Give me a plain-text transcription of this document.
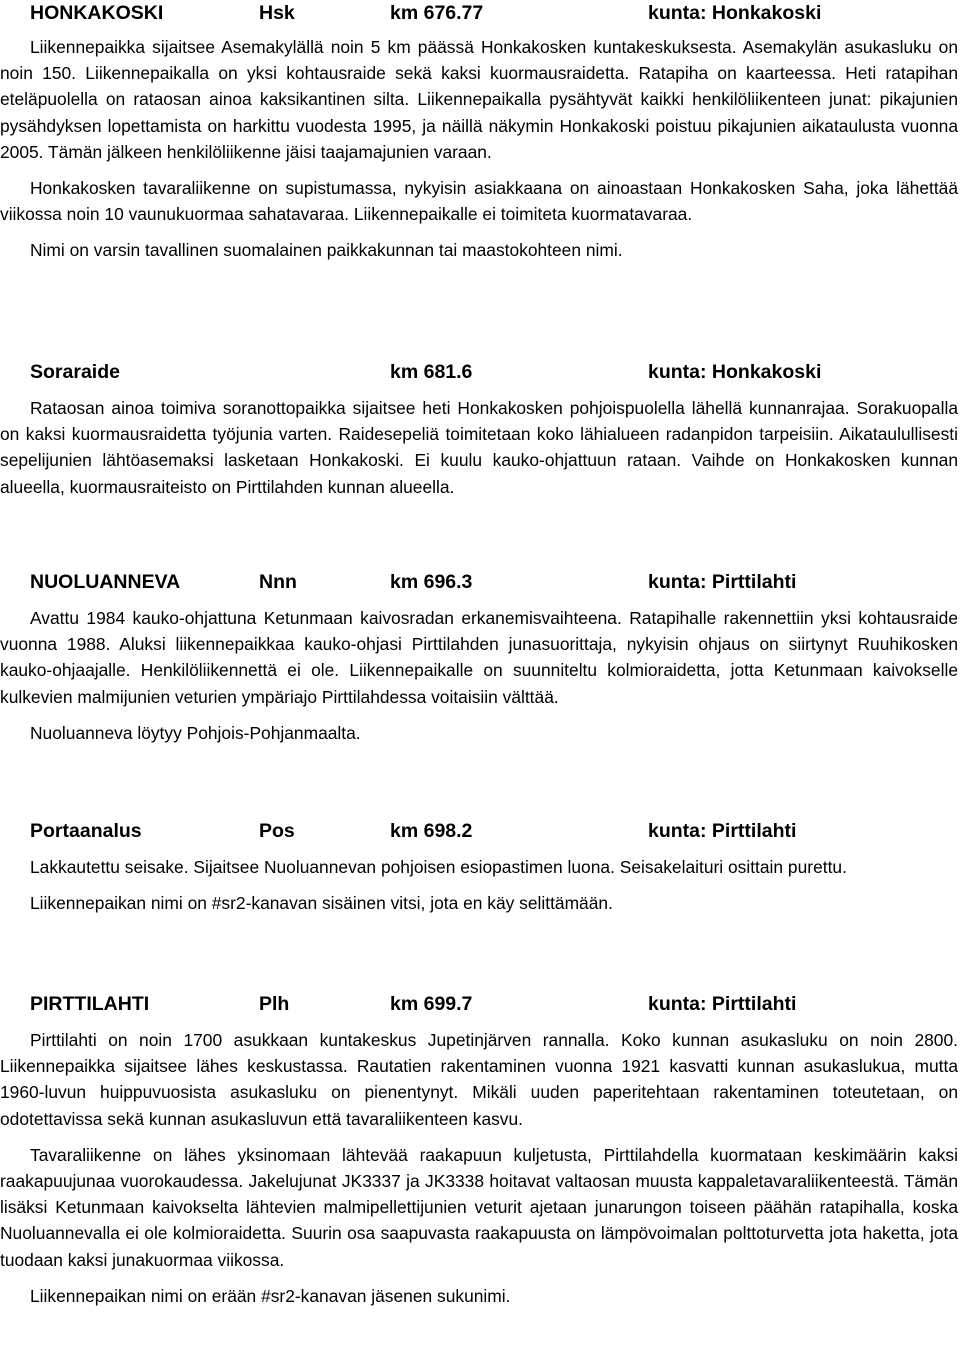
HONKAKOSKI	Hsk	km 676.77	kunta: Honkakoski

Liikennepaikka sijaitsee Asemakylällä noin 5 km päässä Honkakosken kuntakeskuksesta. Asemakylän asukasluku on noin 150. Liikennepaikalla on yksi kohtausraide sekä kaksi kuormausraidetta. Ratapiha on kaarteessa. Heti ratapihan eteläpuolella on rataosan ainoa kaksikantinen silta. Liikennepaikalla pysähtyvät kaikki henkilöliikenteen junat: pikajunien pysähdyksen lopettamista on harkittu vuodesta 1995, ja näillä näkymin Honkakoski poistuu pikajunien aikataulusta vuonna 2005. Tämän jälkeen henkilöliikenne jäisi taajamajunien varaan.

Honkakosken tavaraliikenne on supistumassa, nykyisin asiakkaana on ainoastaan Honkakosken Saha, joka lähettää viikossa noin 10 vaunukuormaa sahatavaraa. Liikennepaikalle ei toimiteta kuormatavaraa.

Nimi on varsin tavallinen suomalainen paikkakunnan tai maastokohteen nimi.

Soraraide	km 681.6	kunta: Honkakoski

Rataosan ainoa toimiva soranottopaikka sijaitsee heti Honkakosken pohjoispuolella lähellä kunnanrajaa. Sorakuopalla on kaksi kuormausraidetta työjunia varten. Raidesepeliä toimitetaan koko lähialueen radanpidon tarpeisiin. Aikataulullisesti sepelijunien lähtöasemaksi lasketaan Honkakoski. Ei kuulu kauko-ohjattuun rataan. Vaihde on Honkakosken kunnan alueella, kuormausraiteisto on Pirttilahden kunnan alueella.

NUOLUANNEVA	Nnn	km 696.3	kunta: Pirttilahti

Avattu 1984 kauko-ohjattuna Ketunmaan kaivosradan erkanemisvaihteena. Ratapihalle rakennettiin yksi kohtausraide vuonna 1988. Aluksi liikennepaikkaa kauko-ohjasi Pirttilahden junasuorittaja, nykyisin ohjaus on siirtynyt Ruuhikosken kauko-ohjaajalle. Henkilöliikennettä ei ole. Liikennepaikalle on suunniteltu kolmioraidetta, jotta Ketunmaan kaivokselle kulkevien malmijunien veturien ympäriajo Pirttilahdessa voitaisiin välttää.

Nuoluanneva löytyy Pohjois-Pohjanmaalta.

Portaanalus	Pos	km 698.2	kunta: Pirttilahti

Lakkautettu seisake. Sijaitsee Nuoluannevan pohjoisen esiopastimen luona. Seisakelaituri osittain purettu.

Liikennepaikan nimi on #sr2-kanavan sisäinen vitsi, jota en käy selittämään.

PIRTTILAHTI	Plh	km 699.7	kunta: Pirttilahti

Pirttilahti on noin 1700 asukkaan kuntakeskus Jupetinjärven rannalla. Koko kunnan asukasluku on noin 2800. Liikennepaikka sijaitsee lähes keskustassa. Rautatien rakentaminen vuonna 1921 kasvatti kunnan asukaslukua, mutta 1960-luvun huippuvuosista asukasluku on pienentynyt. Mikäli uuden paperitehtaan rakentaminen toteutetaan, on odotettavissa sekä kunnan asukasluvun että tavaraliikenteen kasvu.

Tavaraliikenne on lähes yksinomaan lähtevää raakapuun kuljetusta, Pirttilahdella kuormataan keskimäärin kaksi raakapuujunaa vuorokaudessa. Jakelujunat JK3337 ja JK3338 hoitavat valtaosan muusta kappaletavaraliikenteestä. Tämän lisäksi Ketunmaan kaivokselta lähtevien malmipellettijunien veturit ajetaan junarungon toiseen päähän ratapihalla, koska Nuoluannevalla ei ole kolmioraidetta. Suurin osa saapuvasta raakapuusta on lämpövoimalan polttoturvetta jota haketta, jota tuodaan kaksi junakuormaa viikossa.

Liikennepaikan nimi on erään #sr2-kanavan jäsenen sukunimi.
